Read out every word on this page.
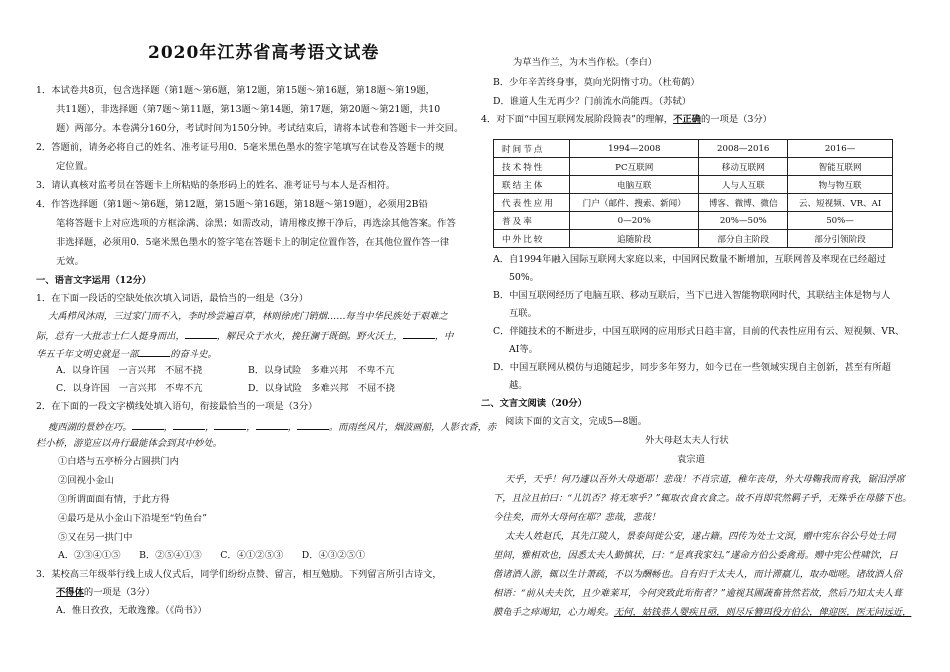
2020年江苏省高考语文试卷
1．本试卷共8页，包含选择题（第1题～第6题，第12题，第15题～第16题，第18题～第19题，
共11题），非选择题（第7题～第11题，第13题～第14题，第17题，第20题～第21题，共10
题）两部分。本卷满分160分，考试时间为150分钟。考试结束后，请将本试卷和答题卡一并交回。
2．答题前，请务必将自己的姓名、准考证号用0．5毫米黑色墨水的签字笔填写在试卷及答题卡的规
定位置。
3．请认真核对监考员在答题卡上所粘贴的条形码上的姓名、准考证号与本人是否相符。
4．作答选择题（第1题～第6题，第12题，第15题～第16题，第18题～第19题），必须用2B铅
笔将答题卡上对应选项的方框涂满、涂黑；如需改动，请用橡皮擦干净后，再选涂其他答案。作答
非选择题，必须用0．5毫米黑色墨水的签字笔在答题卡上的制定位置作答，在其他位置作答一律
无效。
一、语言文字运用（12分）
1．在下面一段话的空缺处依次填入词语，最恰当的一组是（3分）
大禹栉风沐雨，三过家门而不入，李时珍尝遍百草，林则徐虎门销烟……每当中华民族处于艰难之
际，总有一大批志士仁人挺身而出，	，解民众于水火，挽狂澜于既倒。野火沃土，	，中
华五千年文明史就是一部	的奋斗史。
A．以身许国　一言兴邦　不屈不挠	B．以身试险　多难兴邦　不卑不亢
C．以身许国　一言兴邦　不卑不亢	D．以身试险　多难兴邦　不屈不挠
2．在下面的一段文字横线处填入语句，衔接最恰当的一项是（3分）
瘦西湖的景妙在巧。	，	，	，	，	。而雨丝风片，烟波画船，人影衣香，赤
栏小桥，游览应以舟行最能体会到其中妙处。
①白塔与五亭桥分占圆拱门内
②回视小金山
③所谓面面有情，于此方得
④最巧是从小金山下沿堤至“钓鱼台”
⑤又在另一拱门中
A．②③④①⑤　　B．②⑤④①③　　C．④①②⑤③　　D．④③②⑤①
3．某校高三年级举行线上成人仪式后，同学们纷纷点赞、留言，相互勉励。下列留言所引古诗文，
不得体的一项是（3分）
A．惟日孜孜，无敢逸豫。（《尚书》）
为草当作兰，为木当作松。（李白）
B．少年辛苦终身事，莫向光阴惰寸功。（杜荀鹤）
D．谁道人生无再少？门前流水尚能西。（苏轼）
4．对下面“中国互联网发展阶段简表”的理解，不正确的一项是（3分）
时间节点	1994—2008	2008—2016	2016—
技术特性	PC互联网	移动互联网	智能互联网
联结主体	电脑互联	人与人互联	物与物互联
代表性应用	门户（邮件、搜索、新闻）	博客、微博、微信	云、短视频、VR、AI
普及率	0—20%	20%—50%	50%—
中外比较	追随阶段	部分自主阶段	部分引领阶段
A．自1994年融入国际互联网大家庭以来，中国网民数量不断增加，互联网普及率现在已经超过
50%。
B．中国互联网经历了电脑互联、移动互联后，当下已进入智能物联网时代，其联结主体是物与人
互联。
C．伴随技术的不断进步，中国互联网的应用形式日趋丰富，目前的代表性应用有云、短视频、VR、
AI等。
D．中国互联网从模仿与追随起步，同步多年努力，如今已在一些领域实现自主创新，甚至有所超
越。
二、文言文阅读（20分）
阅读下面的文言文，完成5—8题。
外大母赵太夫人行状
袁宗道
天乎，天乎！何乃遽以吾外大母逝耶！悲哉！不肖宗道，稚年丧母，外大母鞠我而育我，锯泪浮席
下，且泣且拍曰：“儿饥否？将无寒乎？”辄取衣食衣食之。故不肖即茕然羁子乎，无殊乎在母膝下也。
今往矣，而外大母何在耶？悲哉，悲哉！
太夫人姓赵氏，其先江陵人，景泰间徙公安，遂占籍。四传为处士文溟，赠中宪东谷公号处士同
里间，雅相欢也，因悉太夫人勤慎状，曰：“是真我家妇。”遂命方伯公委禽焉。赠中宪公性啸饮，日
偕诸酒人游，辄以生计萧疏，不以为酬畅也。自有归于太夫人，而计滞羸儿，取办咄嗟。诸故酒人俗
相语：“前从夫夫饮，且少难莱耳，今何突致此珩衔者？”逾视其圃蔬畜皆然若故，然后乃知太夫人葺
膜龟手之瘁竭知，心力竭矣。无何，姑钱恭人婴疾且亟，则尽斥簪珥役方伯公，俾迎医，医无问远近，
